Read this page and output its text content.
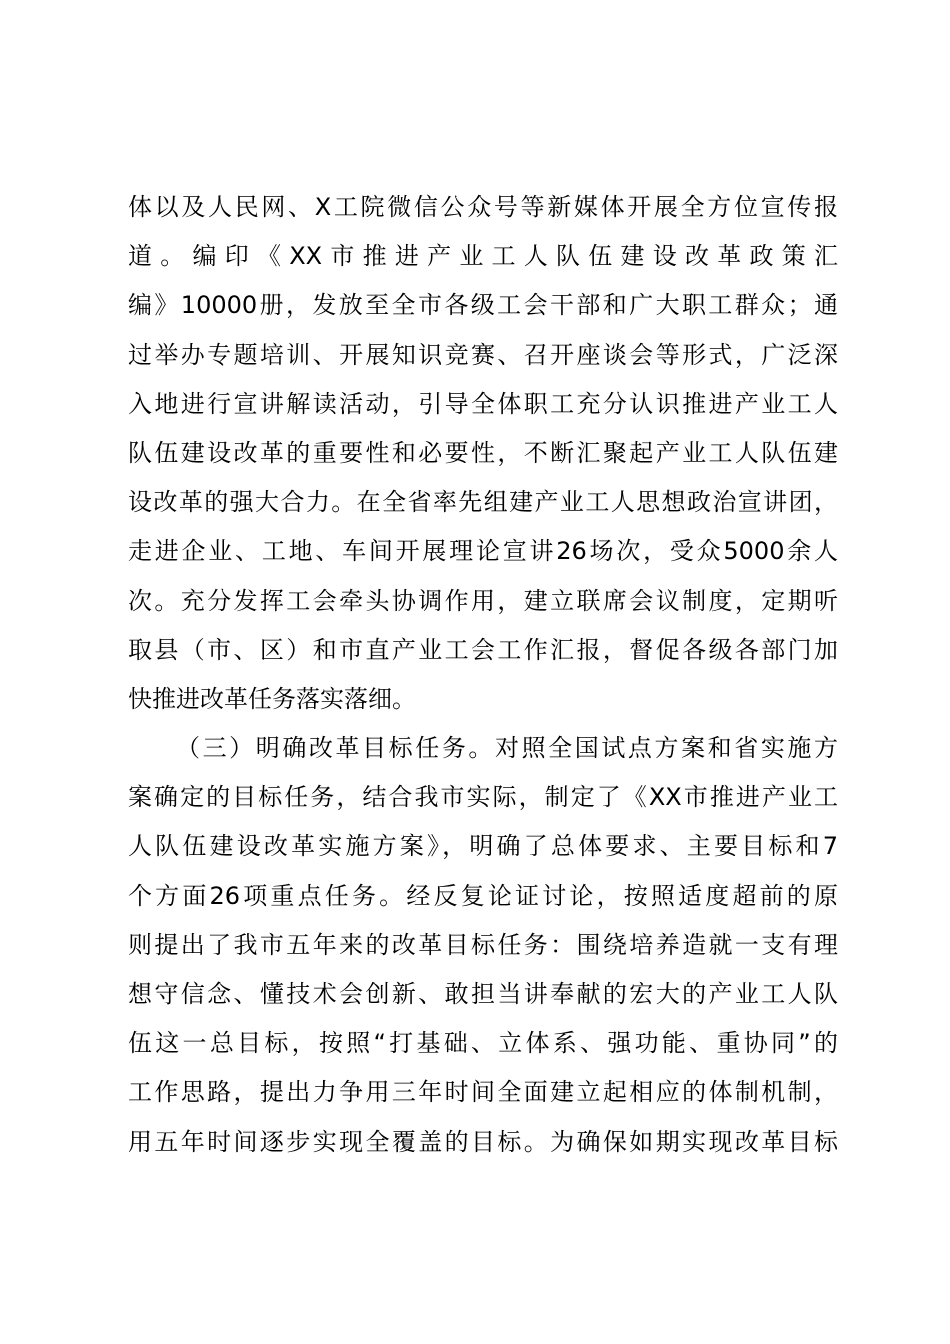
体以及人民网、X工院微信公众号等新媒体开展全方位宣传报
道。编印《XX市推进产业工人队伍建设改革政策汇
编》10000册，发放至全市各级工会干部和广大职工群众；通
过举办专题培训、开展知识竞赛、召开座谈会等形式，广泛深
入地进行宣讲解读活动，引导全体职工充分认识推进产业工人
队伍建设改革的重要性和必要性，不断汇聚起产业工人队伍建
设改革的强大合力。在全省率先组建产业工人思想政治宣讲团，
走进企业、工地、车间开展理论宣讲26场次，受众5000余人
次。充分发挥工会牵头协调作用，建立联席会议制度，定期听
取县（市、区）和市直产业工会工作汇报，督促各级各部门加
快推进改革任务落实落细。
（三）明确改革目标任务。对照全国试点方案和省实施方
案确定的目标任务，结合我市实际，制定了《XX市推进产业工
人队伍建设改革实施方案》，明确了总体要求、主要目标和7
个方面26项重点任务。经反复论证讨论，按照适度超前的原
则提出了我市五年来的改革目标任务：围绕培养造就一支有理
想守信念、懂技术会创新、敢担当讲奉献的宏大的产业工人队
伍这一总目标，按照“打基础、立体系、强功能、重协同”的
工作思路，提出力争用三年时间全面建立起相应的体制机制，
用五年时间逐步实现全覆盖的目标。为确保如期实现改革目标
